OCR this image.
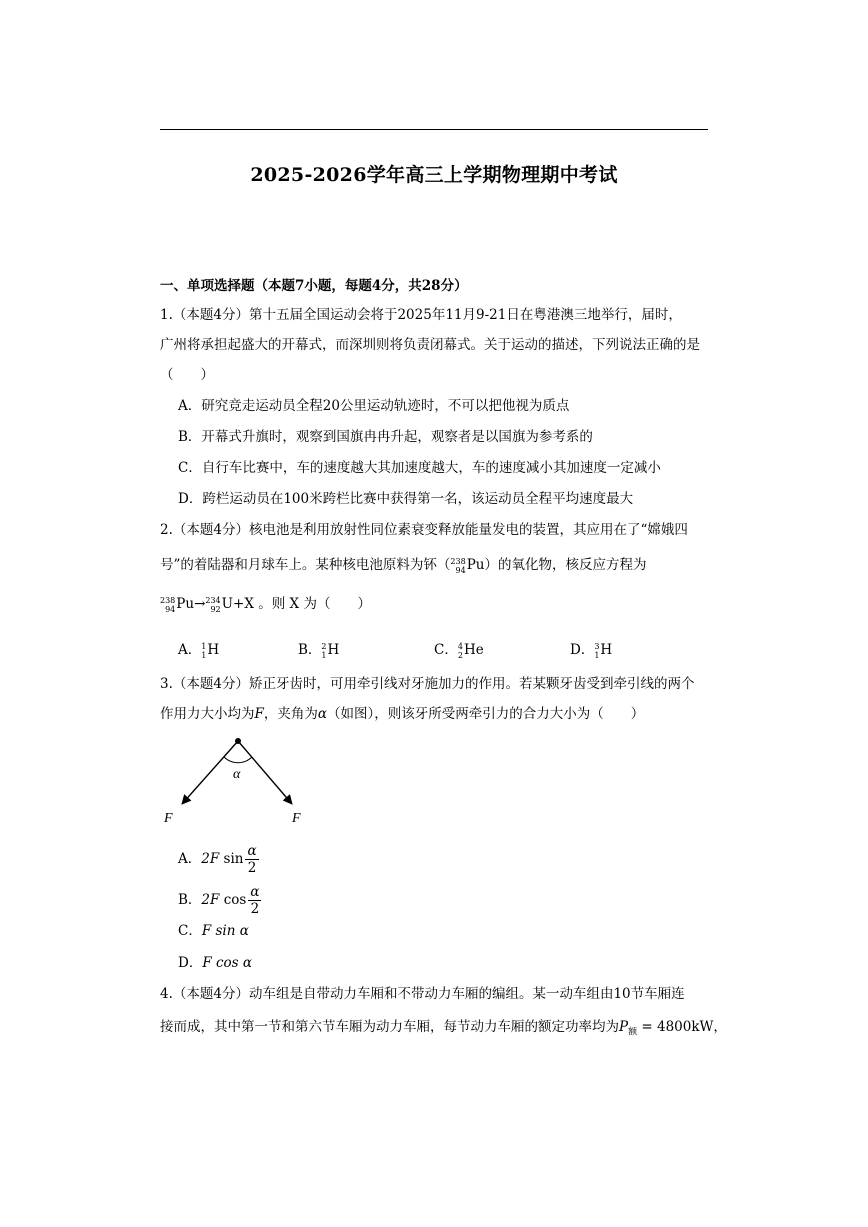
2025-2026学年高三上学期物理期中考试
一、单项选择题（本题7小题，每题4分，共28分）
1.（本题4分）第十五届全国运动会将于2025年11月9-21日在粤港澳三地举行，届时，
广州将承担起盛大的开幕式，而深圳则将负责闭幕式。关于运动的描述，下列说法正确的是
（　　）
A．研究竞走运动员全程20公里运动轨迹时，不可以把他视为质点
B．开幕式升旗时，观察到国旗冉冉升起，观察者是以国旗为参考系的
C．自行车比赛中，车的速度越大其加速度越大，车的速度减小其加速度一定减小
D．跨栏运动员在100米跨栏比赛中获得第一名，该运动员全程平均速度最大
2.（本题4分）核电池是利用放射性同位素衰变释放能量发电的装置，其应用在了“嫦娥四
号”的着陆器和月球车上。某种核电池原料为钚（ 238
94 Pu）的氧化物，核反应方程为
238
94 Pu→ 234
92 U+X 。则 X 为（　　）
A． 1
1 H	B． 2
1 H	C． 4
2 He	D． 3
1 H
3.（本题4分）矫正牙齿时，可用牵引线对牙施加力的作用。若某颗牙齿受到牵引线的两个
作用力大小均为F，夹角为α（如图），则该牙所受两牵引力的合力大小为（　　）
α
F	F
A．2F $\sin \frac{\alpha}{2}$
B．2F $\cos \frac{\alpha}{2}$
C．F sin α
D．F cos α
4.（本题4分）动车组是自带动力车厢和不带动力车厢的编组。某一动车组由10节车厢连
接而成，其中第一节和第六节车厢为动力车厢，每节动力车厢的额定功率均为$P_额 = 4800kW$，
